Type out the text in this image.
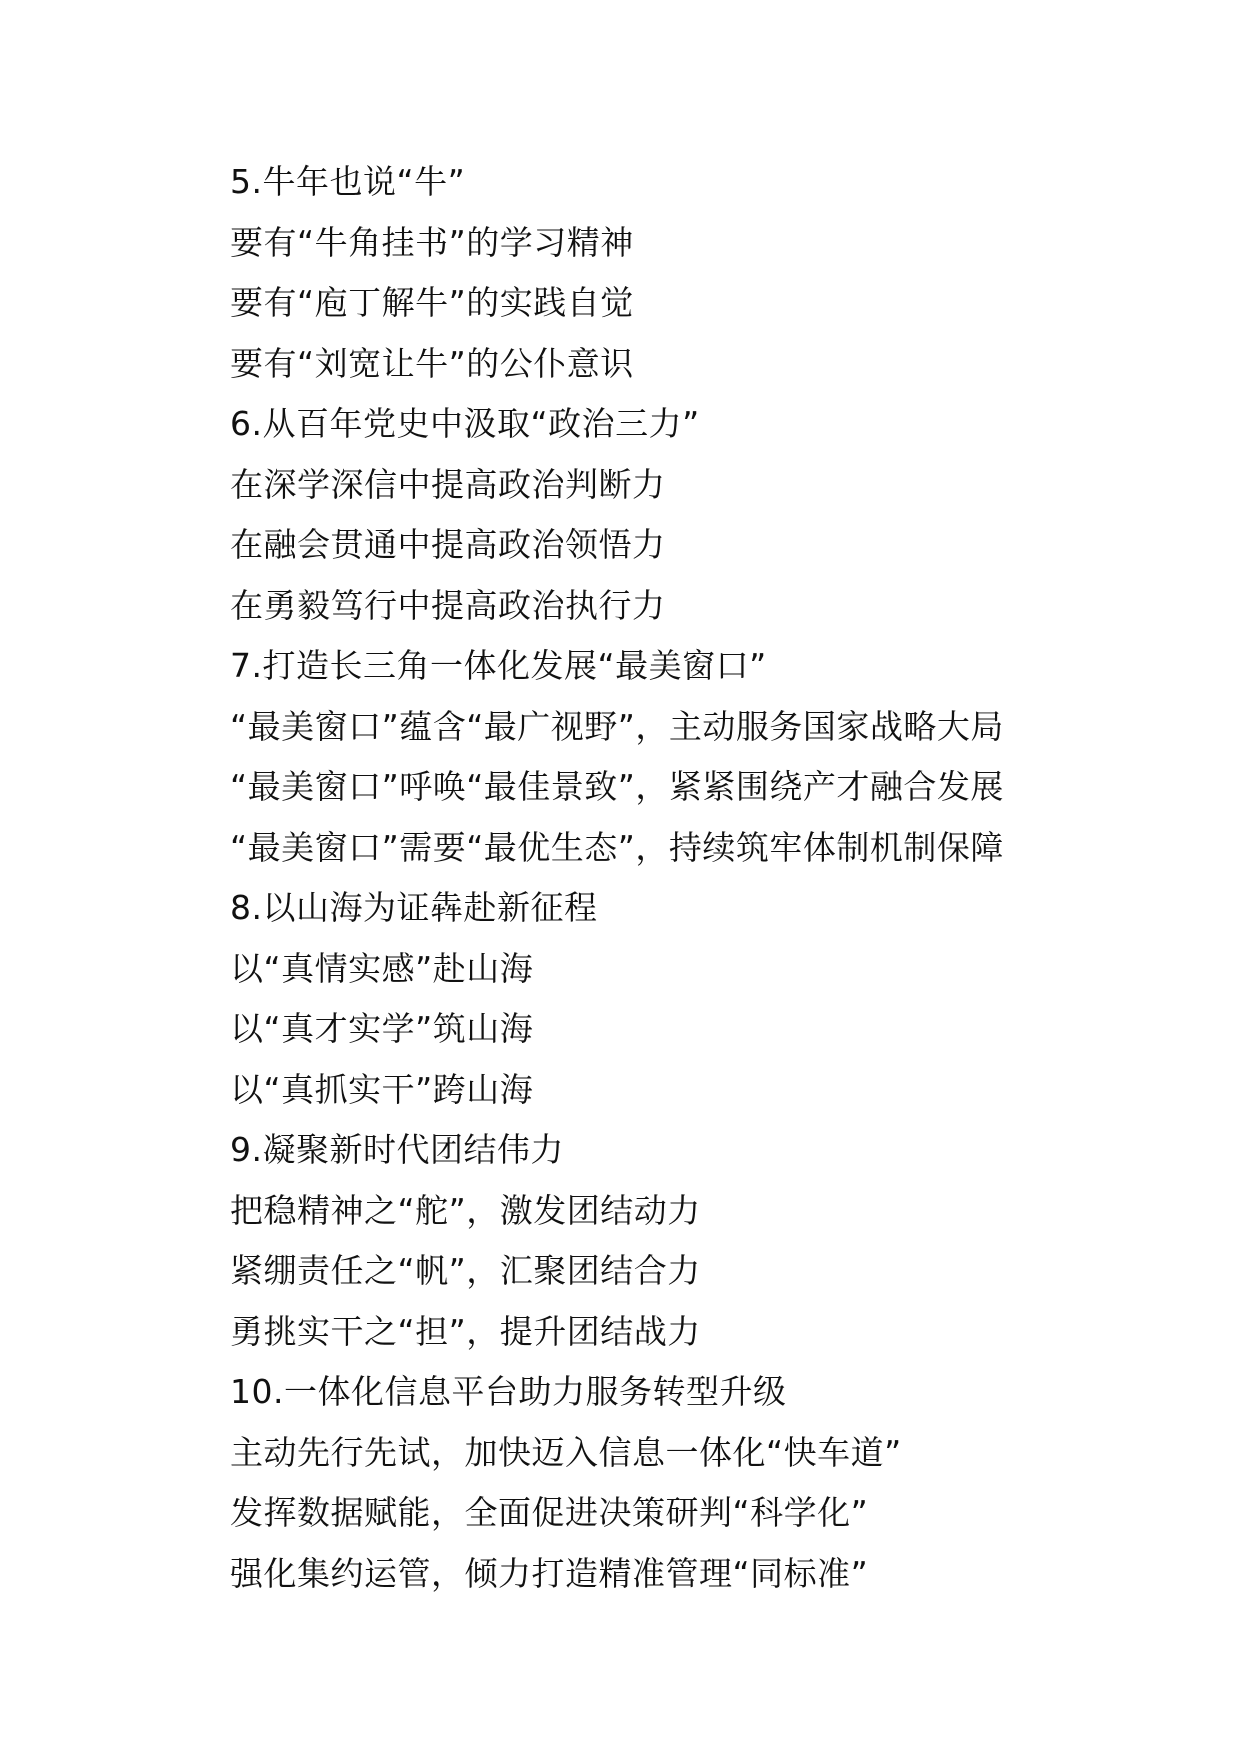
5.牛年也说“牛”
要有“牛角挂书”的学习精神
要有“庖丁解牛”的实践自觉
要有“刘宽让牛”的公仆意识
6.从百年党史中汲取“政治三力”
在深学深信中提高政治判断力
在融会贯通中提高政治领悟力
在勇毅笃行中提高政治执行力
7.打造长三角一体化发展“最美窗口”
“最美窗口”蕴含“最广视野”，主动服务国家战略大局
“最美窗口”呼唤“最佳景致”，紧紧围绕产才融合发展
“最美窗口”需要“最优生态”，持续筑牢体制机制保障
8.以山海为证犇赴新征程
以“真情实感”赴山海
以“真才实学”筑山海
以“真抓实干”跨山海
9.凝聚新时代团结伟力
把稳精神之“舵”，激发团结动力
紧绷责任之“帆”，汇聚团结合力
勇挑实干之“担”，提升团结战力
10.一体化信息平台助力服务转型升级
主动先行先试，加快迈入信息一体化“快车道”
发挥数据赋能，全面促进决策研判“科学化”
强化集约运管，倾力打造精准管理“同标准”
